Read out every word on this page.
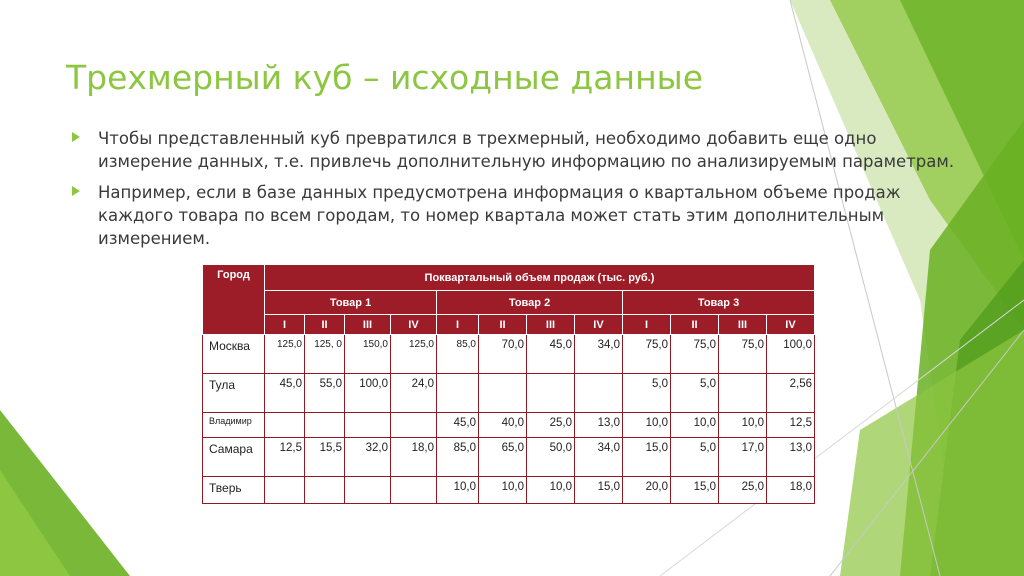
Трехмерный куб – исходные данные
Чтобы представленный куб превратился в трехмерный, необходимо добавить еще одно измерение данных, т.е. привлечь дополнительную информацию по анализируемым параметрам.
Например, если в базе данных предусмотрена информация о квартальном объеме продаж каждого товара по всем городам, то номер квартала может стать этим дополнительным измерением.
Город	Поквартальный объем продаж (тыс. руб.)											
	Товар 1				Товар 2				Товар 3			
	I	II	III	IV	I	II	III	IV	I	II	III	IV
Москва	125,0	125, 0	150,0	125,0	85,0	70,0	45,0	34,0	75,0	75,0	75,0	100,0
Тула	45,0	55,0	100,0	24,0					5,0	5,0		2,56
Владимир					45,0	40,0	25,0	13,0	10,0	10,0	10,0	12,5
Самара	12,5	15,5	32,0	18,0	85,0	65,0	50,0	34,0	15,0	5,0	17,0	13,0
Тверь					10,0	10,0	10,0	15,0	20,0	15,0	25,0	18,0
